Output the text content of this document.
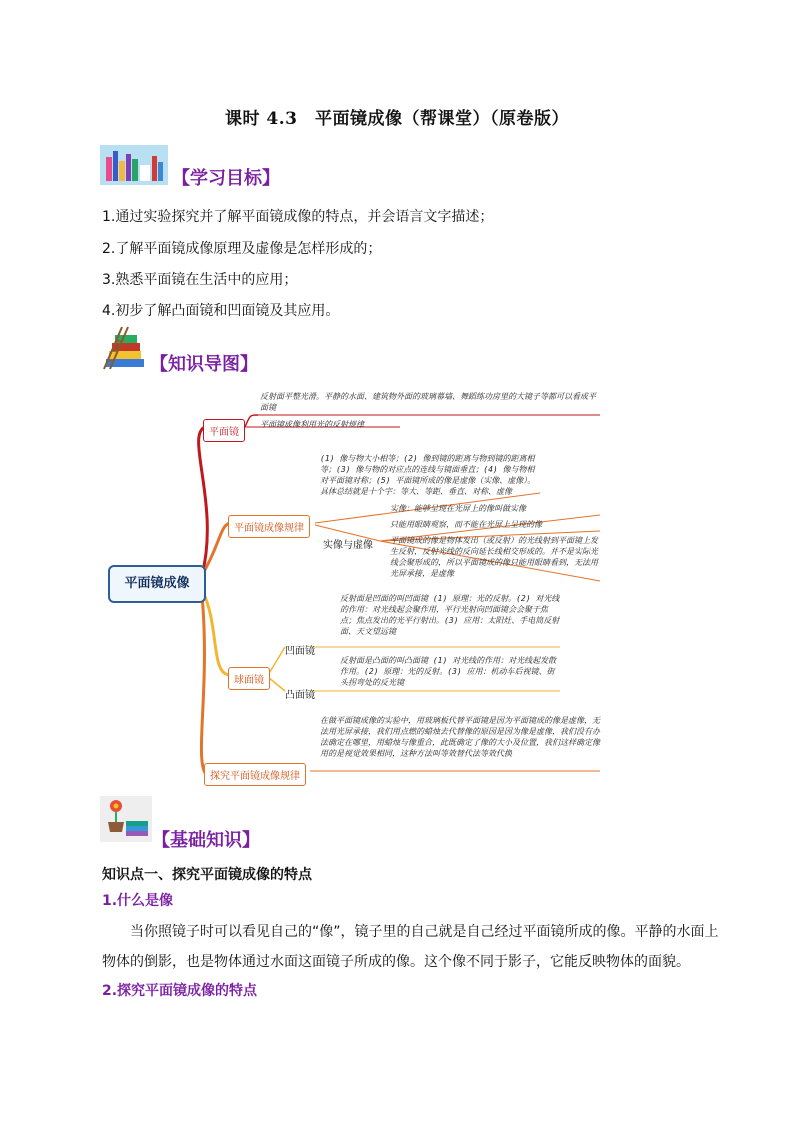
课时 4.3　平面镜成像（帮课堂）（原卷版）
【学习目标】
1.通过实验探究并了解平面镜成像的特点，并会语言文字描述；
2.了解平面镜成像原理及虚像是怎样形成的；
3.熟悉平面镜在生活中的应用；
4.初步了解凸面镜和凹面镜及其应用。
【知识导图】
平面镜成像
平面镜
平面镜成像规律
球面镜
探究平面镜成像规律
实像与虚像
凹面镜
凸面镜
反射面平整光滑。平静的水面、建筑物外面的玻璃幕墙、舞蹈练功房里的大镜子等都可以看成平面镜
平面镜成像利用光的反射规律
(1) 像与物大小相等；(2) 像到镜的距离与物到镜的距离相等；(3) 像与物的对应点的连线与镜面垂直；(4) 像与物相对平面镜对称；(5) 平面镜所成的像是虚像（实像、虚像）。具体总结就是十个字：等大、等距、垂直、对称、虚像
实像：能够呈现在光屏上的像叫做实像
只能用眼睛观察，而不能在光屏上呈现的像
平面镜成的像是物体发出（或反射）的光线射到平面镜上发生反射，反射光线的反向延长线相交形成的。并不是实际光线会聚形成的，所以平面镜成的像只能用眼睛看到，无法用光屏承接，是虚像
反射面是凹面的叫凹面镜 (1) 原理：光的反射。(2) 对光线的作用：对光线起会聚作用，平行光射向凹面镜会会聚于焦点；焦点发出的光平行射出。(3) 应用：太阳灶、手电筒反射面、天文望远镜
反射面是凸面的叫凸面镜 (1) 对光线的作用：对光线起发散作用。(2) 原理：光的反射。(3) 应用：机动车后视镜、街头拐弯处的反光镜
在做平面镜成像的实验中，用玻璃板代替平面镜是因为平面镜成的像是虚像，无法用光屏承接，我们用点燃的蜡烛去代替像的原因是因为像是虚像，我们没有办法确定在哪里，用蜡烛与像重合，此既确定了像的大小及位置，我们这样确定像用的是视觉效果相同，这种方法叫等效替代法等效代换
【基础知识】
知识点一、探究平面镜成像的特点
1.什么是像
当你照镜子时可以看见自己的“像”，镜子里的自己就是自己经过平面镜所成的像。平静的水面上物体的倒影，也是物体通过水面这面镜子所成的像。这个像不同于影子，它能反映物体的面貌。
2.探究平面镜成像的特点
